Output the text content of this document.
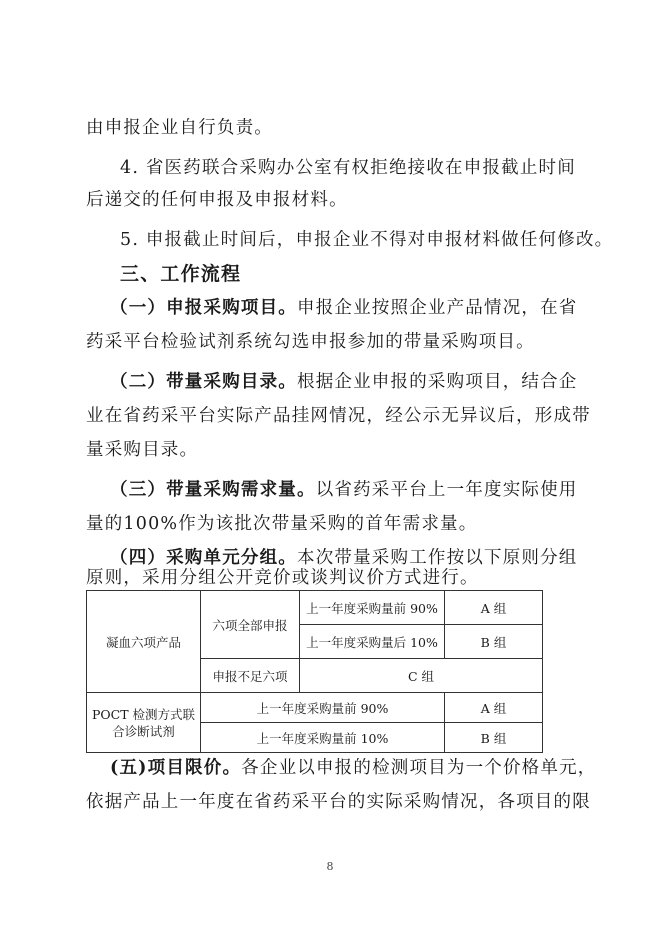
由申报企业自行负责。
4. 省医药联合采购办公室有权拒绝接收在申报截止时间
后递交的任何申报及申报材料。
5. 申报截止时间后，申报企业不得对申报材料做任何修改。
三、工作流程
（一）申报采购项目。申报企业按照企业产品情况，在省
药采平台检验试剂系统勾选申报参加的带量采购项目。
（二）带量采购目录。根据企业申报的采购项目，结合企
业在省药采平台实际产品挂网情况，经公示无异议后，形成带
量采购目录。
（三）带量采购需求量。以省药采平台上一年度实际使用
量的100%作为该批次带量采购的首年需求量。
（四）采购单元分组。本次带量采购工作按以下原则分组
原则，采用分组公开竞价或谈判议价方式进行。
凝血六项产品	六项全部申报	上一年度采购量前 90%	A 组
		上一年度采购量后 10%	B 组
	申报不足六项	C 组	

POCT 检测方式联
合诊断试剂	上一年度采购量前 90%		A 组
	上一年度采购量前 10%		B 组
(五)项目限价。各企业以申报的检测项目为一个价格单元，
依据产品上一年度在省药采平台的实际采购情况，各项目的限
8
